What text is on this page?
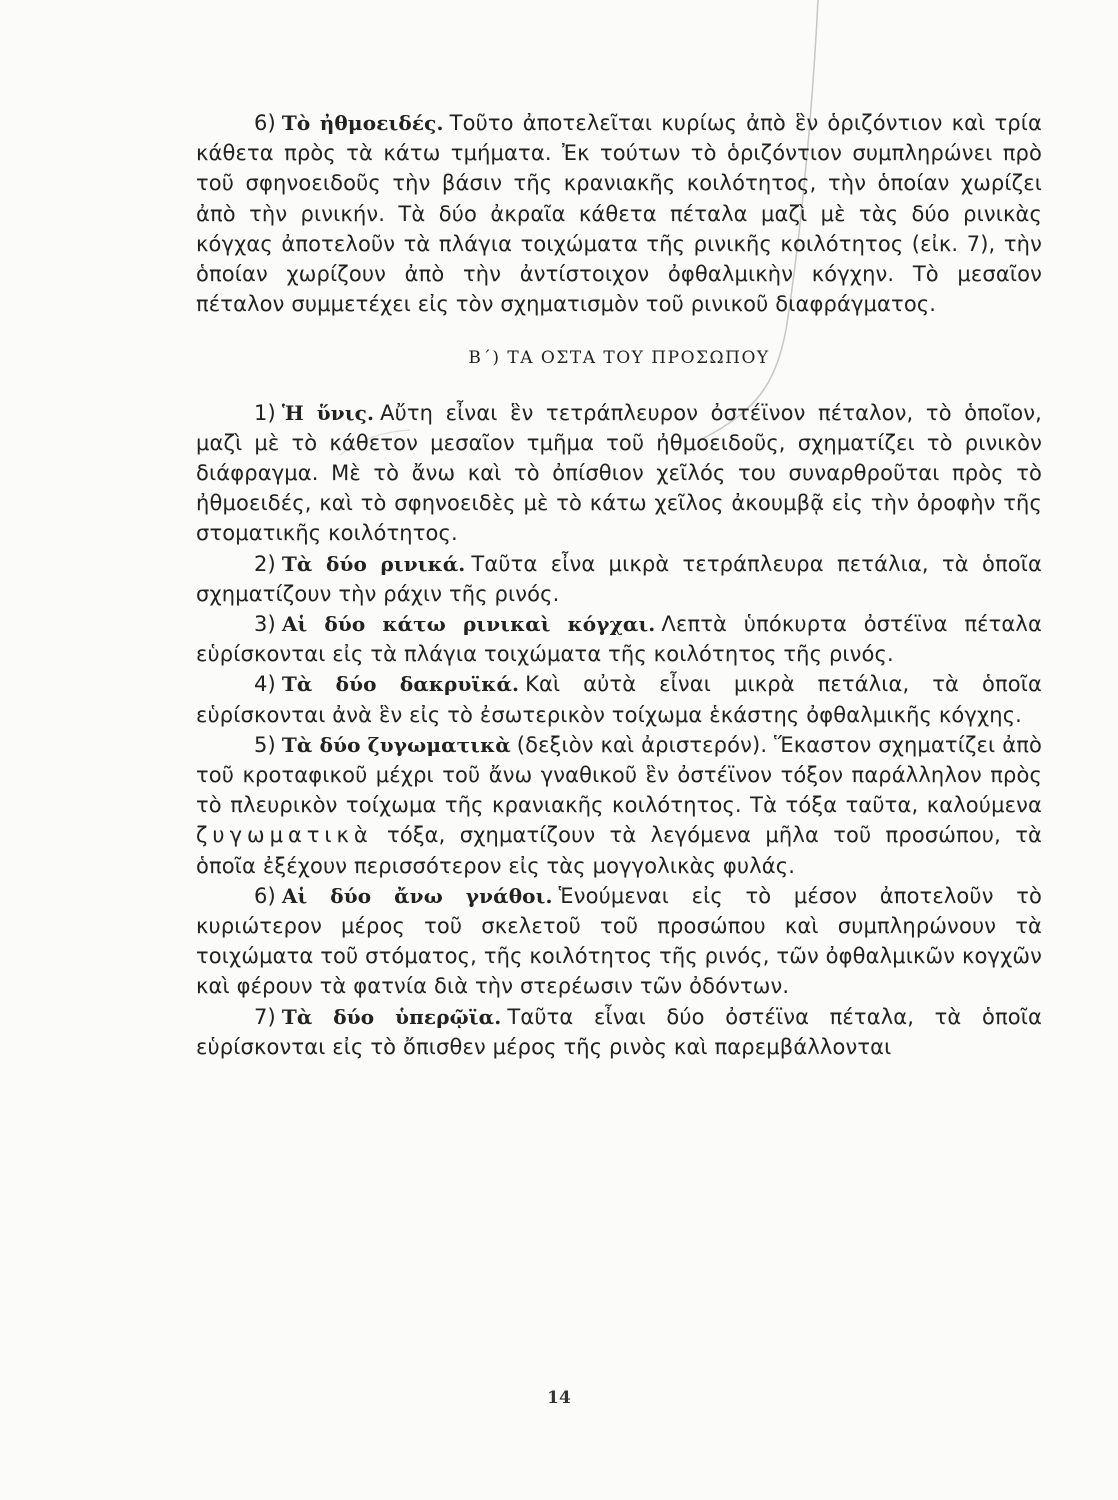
6) Τὸ ἠθμοειδές. Τοῦτο ἀποτελεῖται κυρίως ἀπὸ ἓν ὁριζόντιον καὶ τρία κάθετα πρὸς τὰ κάτω τμήματα. Ἐκ τούτων τὸ ὁριζόντιον συμπληρώνει πρὸ τοῦ σφηνοειδοῦς τὴν βάσιν τῆς κρανιακῆς κοιλότητος, τὴν ὁποίαν χωρίζει ἀπὸ τὴν ρινικήν. Τὰ δύο ἀκραῖα κάθετα πέταλα μαζὶ μὲ τὰς δύο ρινικὰς κόγχας ἀποτελοῦν τὰ πλάγια τοιχώματα τῆς ρινικῆς κοιλότητος (εἰκ. 7), τὴν ὁποίαν χωρίζουν ἀπὸ τὴν ἀντίστοιχον ὀφθαλμικὴν κόγχην. Τὸ μεσαῖον πέταλον συμμετέχει εἰς τὸν σχηματισμὸν τοῦ ρινικοῦ διαφράγματος.

Β΄) ΤΑ ΟΣΤΑ ΤΟΥ ΠΡΟΣΩΠΟΥ

1) Ἡ ὕνις. Αὔτη εἶναι ἓν τετράπλευρον ὀστέϊνον πέταλον, τὸ ὁποῖον, μαζὶ μὲ τὸ κάθετον μεσαῖον τμῆμα τοῦ ἠθμοειδοῦς, σχηματίζει τὸ ρινικὸν διάφραγμα. Μὲ τὸ ἄνω καὶ τὸ ὀπίσθιον χεῖλός του συναρθροῦται πρὸς τὸ ἠθμοειδές, καὶ τὸ σφηνοειδὲς μὲ τὸ κάτω χεῖλος ἀκουμβᾷ εἰς τὴν ὀροφὴν τῆς στοματικῆς κοιλότητος.

2) Τὰ δύο ρινικά. Ταῦτα εἶνα μικρὰ τετράπλευρα πετάλια, τὰ ὁποῖα σχηματίζουν τὴν ράχιν τῆς ρινός.

3) Αἱ δύο κάτω ρινικαὶ κόγχαι. Λεπτὰ ὑπόκυρτα ὀστέϊνα πέταλα εὑρίσκονται εἰς τὰ πλάγια τοιχώματα τῆς κοιλότητος τῆς ρινός.

4) Τὰ δύο δακρυϊκά. Καὶ αὐτὰ εἶναι μικρὰ πετάλια, τὰ ὁποῖα εὑρίσκονται ἀνὰ ἓν εἰς τὸ ἐσωτερικὸν τοίχωμα ἑκάστης ὀφθαλμικῆς κόγχης.

5) Τὰ δύο ζυγωματικὰ (δεξιὸν καὶ ἀριστερόν). Ἕκαστον σχηματίζει ἀπὸ τοῦ κροταφικοῦ μέχρι τοῦ ἄνω γναθικοῦ ἓν ὀστέϊνον τόξον παράλληλον πρὸς τὸ πλευρικὸν τοίχωμα τῆς κρανιακῆς κοιλότητος. Τὰ τόξα ταῦτα, καλούμενα ζυγωματικὰ τόξα, σχηματίζουν τὰ λεγόμενα μῆλα τοῦ προσώπου, τὰ ὁποῖα ἐξέχουν περισσότερον εἰς τὰς μογγολικὰς φυλάς.

6) Αἱ δύο ἄνω γνάθοι. Ἑνούμεναι εἰς τὸ μέσον ἀποτελοῦν τὸ κυριώτερον μέρος τοῦ σκελετοῦ τοῦ προσώπου καὶ συμπληρώνουν τὰ τοιχώματα τοῦ στόματος, τῆς κοιλότητος τῆς ρινός, τῶν ὀφθαλμικῶν κογχῶν καὶ φέρουν τὰ φατνία διὰ τὴν στερέωσιν τῶν ὀδόντων.

7) Τὰ δύο ὑπερῷϊα. Ταῦτα εἶναι δύο ὀστέϊνα πέταλα, τὰ ὁποῖα εὑρίσκονται εἰς τὸ ὄπισθεν μέρος τῆς ρινὸς καὶ παρεμβάλλονται

14
